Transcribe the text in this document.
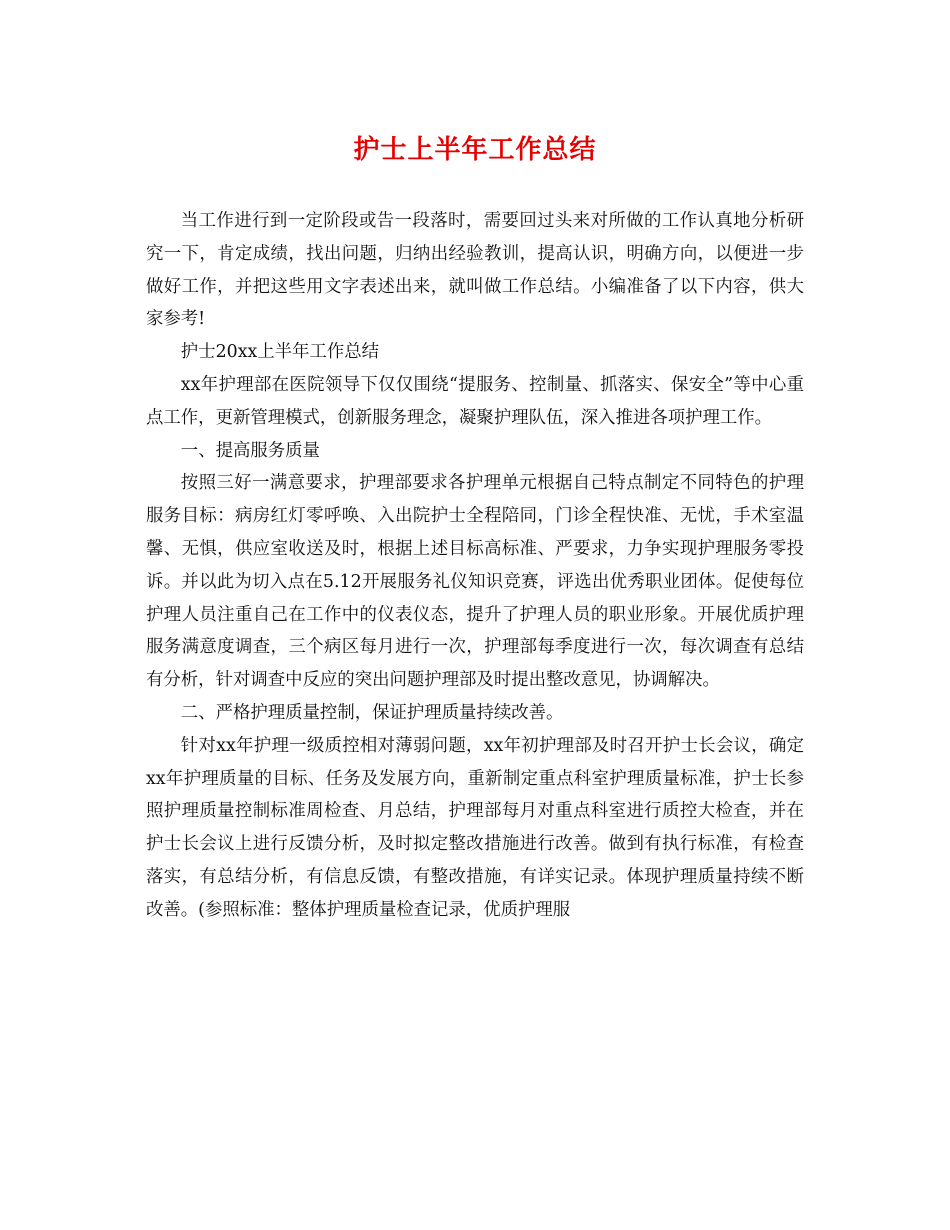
护士上半年工作总结

当工作进行到一定阶段或告一段落时，需要回过头来对所做的工作认真地分析研究一下，肯定成绩，找出问题，归纳出经验教训，提高认识，明确方向，以便进一步做好工作，并把这些用文字表述出来，就叫做工作总结。小编准备了以下内容，供大家参考!

护士20xx上半年工作总结

xx年护理部在医院领导下仅仅围绕“提服务、控制量、抓落实、保安全”等中心重点工作，更新管理模式，创新服务理念，凝聚护理队伍，深入推进各项护理工作。

一、提高服务质量

按照三好一满意要求，护理部要求各护理单元根据自己特点制定不同特色的护理服务目标：病房红灯零呼唤、入出院护士全程陪同，门诊全程快准、无忧，手术室温馨、无惧，供应室收送及时，根据上述目标高标准、严要求，力争实现护理服务零投诉。并以此为切入点在5.12开展服务礼仪知识竞赛，评选出优秀职业团体。促使每位护理人员注重自己在工作中的仪表仪态，提升了护理人员的职业形象。开展优质护理服务满意度调查，三个病区每月进行一次，护理部每季度进行一次，每次调查有总结有分析，针对调查中反应的突出问题护理部及时提出整改意见，协调解决。

二、严格护理质量控制，保证护理质量持续改善。

针对xx年护理一级质控相对薄弱问题，xx年初护理部及时召开护士长会议，确定xx年护理质量的目标、任务及发展方向，重新制定重点科室护理质量标准，护士长参照护理质量控制标准周检查、月总结，护理部每月对重点科室进行质控大检查，并在护士长会议上进行反馈分析，及时拟定整改措施进行改善。做到有执行标准，有检查落实，有总结分析，有信息反馈，有整改措施，有详实记录。体现护理质量持续不断改善。(参照标准：整体护理质量检查记录，优质护理服
